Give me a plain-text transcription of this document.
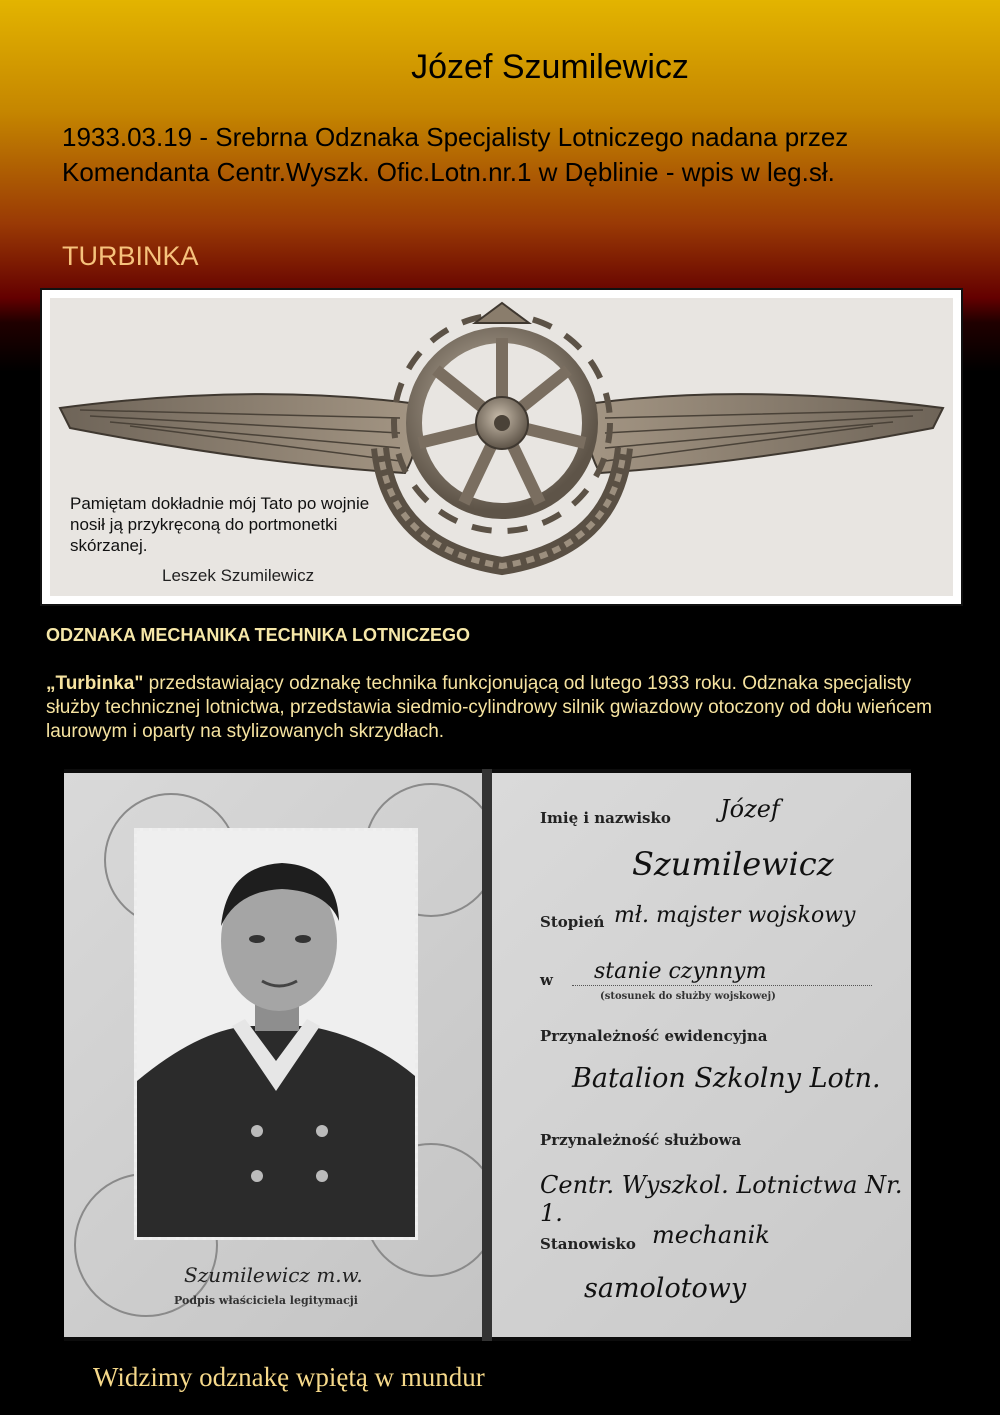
Józef Szumilewicz
1933.03.19 - Srebrna Odznaka Specjalisty Lotniczego nadana przez Komendanta Centr.Wyszk. Ofic.Lotn.nr.1 w Dęblinie - wpis w leg.sł.
TURBINKA
Pamiętam dokładnie mój Tato po wojnie nosił ją przykręconą do portmonetki skórzanej.
Leszek Szumilewicz
ODZNAKA MECHANIKA TECHNIKA LOTNICZEGO
„Turbinka" przedstawiający odznakę technika funkcjonującą od lutego 1933 roku. Odznaka specjalisty służby technicznej lotnictwa, przedstawia siedmio-cylindrowy silnik gwiazdowy otoczony od dołu wieńcem laurowym i oparty na stylizowanych skrzydłach.
Szumilewicz m.w.
Podpis właściciela legitymacji
Imię i nazwisko Józef
Szumilewicz
Stopień mł. majster wojskowy
w stanie czynnym
(stosunek do służby wojskowej)
Przynależność ewidencyjna
Batalion Szkolny Lotn.
Przynależność służbowa
Centr. Wyszkol. Lotnictwa Nr. 1.
Stanowisko mechanik
samolotowy
Widzimy odznakę wpiętą w mundur
